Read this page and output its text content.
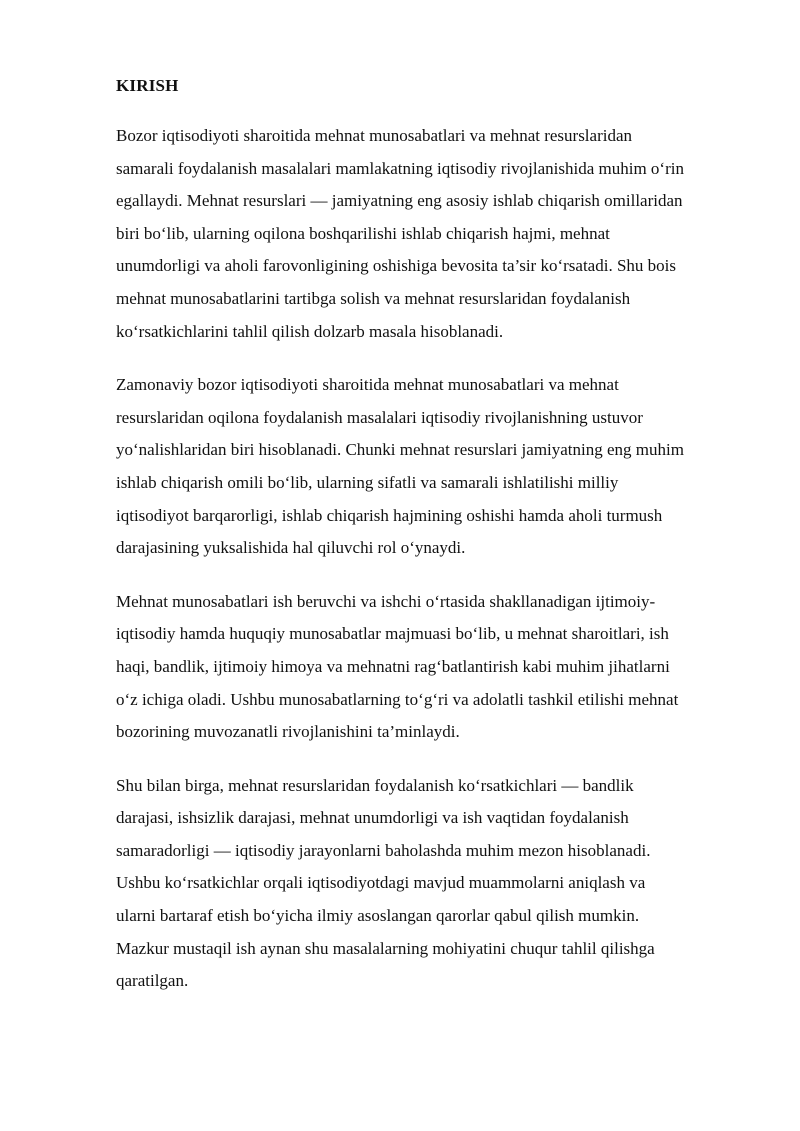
KIRISH

Bozor iqtisodiyoti sharoitida mehnat munosabatlari va mehnat resurslaridan
samarali foydalanish masalalari mamlakatning iqtisodiy rivojlanishida muhim o‘rin
egallaydi. Mehnat resurslari — jamiyatning eng asosiy ishlab chiqarish omillaridan
biri bo‘lib, ularning oqilona boshqarilishi ishlab chiqarish hajmi, mehnat
unumdorligi va aholi farovonligining oshishiga bevosita ta’sir ko‘rsatadi. Shu bois
mehnat munosabatlarini tartibga solish va mehnat resurslaridan foydalanish
ko‘rsatkichlarini tahlil qilish dolzarb masala hisoblanadi.

Zamonaviy bozor iqtisodiyoti sharoitida mehnat munosabatlari va mehnat
resurslaridan oqilona foydalanish masalalari iqtisodiy rivojlanishning ustuvor
yo‘nalishlaridan biri hisoblanadi. Chunki mehnat resurslari jamiyatning eng muhim
ishlab chiqarish omili bo‘lib, ularning sifatli va samarali ishlatilishi milliy
iqtisodiyot barqarorligi, ishlab chiqarish hajmining oshishi hamda aholi turmush
darajasining yuksalishida hal qiluvchi rol o‘ynaydi.

Mehnat munosabatlari ish beruvchi va ishchi o‘rtasida shakllanadigan ijtimoiy-
iqtisodiy hamda huquqiy munosabatlar majmuasi bo‘lib, u mehnat sharoitlari, ish
haqi, bandlik, ijtimoiy himoya va mehnatni rag‘batlantirish kabi muhim jihatlarni
o‘z ichiga oladi. Ushbu munosabatlarning to‘g‘ri va adolatli tashkil etilishi mehnat
bozorining muvozanatli rivojlanishini ta’minlaydi.

Shu bilan birga, mehnat resurslaridan foydalanish ko‘rsatkichlari — bandlik
darajasi, ishsizlik darajasi, mehnat unumdorligi va ish vaqtidan foydalanish
samaradorligi — iqtisodiy jarayonlarni baholashda muhim mezon hisoblanadi.
Ushbu ko‘rsatkichlar orqali iqtisodiyotdagi mavjud muammolarni aniqlash va
ularni bartaraf etish bo‘yicha ilmiy asoslangan qarorlar qabul qilish mumkin.
Mazkur mustaqil ish aynan shu masalalarning mohiyatini chuqur tahlil qilishga
qaratilgan.
